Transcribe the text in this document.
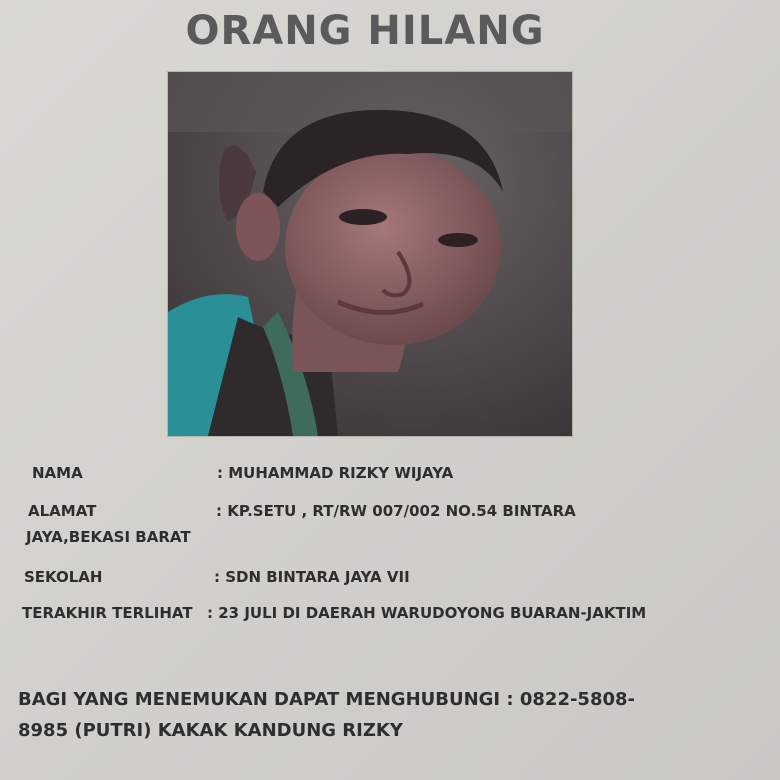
ORANG HILANG
NAMA	: MUHAMMAD RIZKY WIJAYA
ALAMAT	: KP.SETU , RT/RW 007/002 NO.54 BINTARA
JAYA,BEKASI BARAT
SEKOLAH	: SDN BINTARA JAYA VII
TERAKHIR TERLIHAT : 23 JULI DI DAERAH WARUDOYONG BUARAN-JAKTIM
BAGI YANG MENEMUKAN DAPAT MENGHUBUNGI : 0822-5808-
8985 (PUTRI) KAKAK KANDUNG RIZKY
